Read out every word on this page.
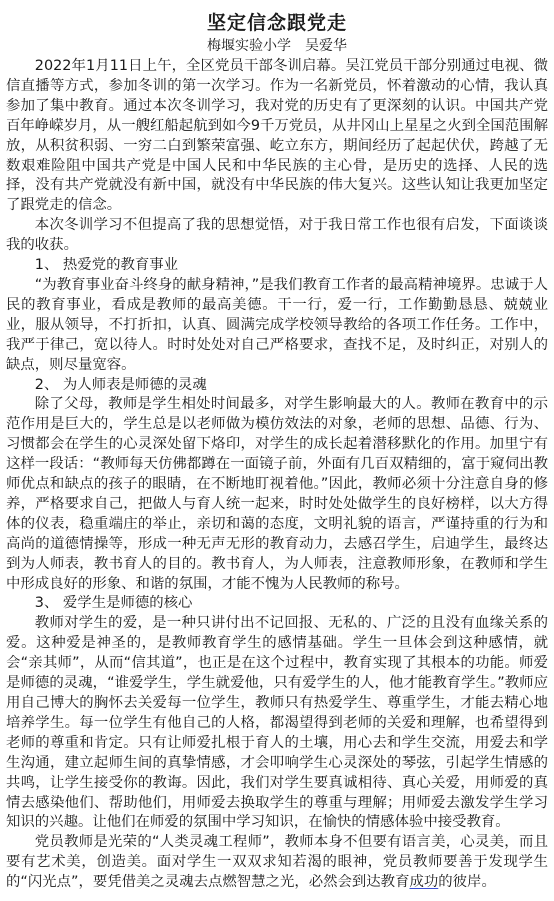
坚定信念跟党走
梅堰实验小学　吴爱华

2022年1月11日上午，全区党员干部冬训启幕。吴江党员干部分别通过电视、微信直播等方式，参加冬训的第一次学习。作为一名新党员，怀着激动的心情，我认真参加了集中教育。通过本次冬训学习，我对党的历史有了更深刻的认识。中国共产党百年峥嵘岁月，从一艘红船起航到如今9千万党员，从井冈山上星星之火到全国范围解放，从积贫积弱、一穷二白到繁荣富强、屹立东方，期间经历了起起伏伏，跨越了无数艰难险阻中国共产党是中国人民和中华民族的主心骨，是历史的选择、人民的选择，没有共产党就没有新中国，就没有中华民族的伟大复兴。这些认知让我更加坚定了跟党走的信念。

本次冬训学习不但提高了我的思想觉悟，对于我日常工作也很有启发，下面谈谈我的收获。

1、 热爱党的教育事业

“为教育事业奋斗终身的献身精神，”是我们教育工作者的最高精神境界。忠诚于人民的教育事业，看成是教师的最高美德。干一行，爱一行，工作勤勤恳恳、兢兢业业，服从领导，不打折扣，认真、圆满完成学校领导教给的各项工作任务。工作中，我严于律己，宽以待人。时时处处对自己严格要求，查找不足，及时纠正，对别人的缺点，则尽量宽容。

2、 为人师表是师德的灵魂

除了父母，教师是学生相处时间最多，对学生影响最大的人。教师在教育中的示范作用是巨大的，学生总是以老师做为模仿效法的对象，老师的思想、品德、行为、习惯都会在学生的心灵深处留下烙印，对学生的成长起着潜移默化的作用。加里宁有这样一段话：“教师每天仿佛都蹲在一面镜子前，外面有几百双精细的，富于窥伺出教师优点和缺点的孩子的眼睛，在不断地盯视着他。”因此，教师必须十分注意自身的修养，严格要求自己，把做人与育人统一起来，时时处处做学生的良好榜样，以大方得体的仪表，稳重端庄的举止，亲切和蔼的态度，文明礼貌的语言，严谨持重的行为和高尚的道德情操等，形成一种无声无形的教育动力，去感召学生，启迪学生，最终达到为人师表，教书育人的目的。教书育人，为人师表，注意教师形象，在教师和学生中形成良好的形象、和谐的氛围，才能不愧为人民教师的称号。

3、 爱学生是师德的核心

教师对学生的爱，是一种只讲付出不记回报、无私的、广泛的且没有血缘关系的爱。这种爱是神圣的，是教师教育学生的感情基础。学生一旦体会到这种感情，就会“亲其师”，从而“信其道”，也正是在这个过程中，教育实现了其根本的功能。师爱是师德的灵魂，“谁爱学生，学生就爱他，只有爱学生的人，他才能教育学生。”教师应用自己博大的胸怀去关爱每一位学生，教师只有热爱学生、尊重学生，才能去精心地培养学生。每一位学生有他自己的人格，都渴望得到老师的关爱和理解，也希望得到老师的尊重和肯定。只有让师爱扎根于育人的土壤，用心去和学生交流，用爱去和学生沟通，建立起师生间的真挚情感，才会叩响学生心灵深处的琴弦，引起学生情感的共鸣，让学生接受你的教诲。因此，我们对学生要真诚相待、真心关爱，用师爱的真情去感染他们、帮助他们，用师爱去换取学生的尊重与理解；用师爱去激发学生学习知识的兴趣。让他们在师爱的氛围中学习知识，在愉快的情感体验中接受教育。

党员教师是光荣的“人类灵魂工程师”，教师本身不但要有语言美，心灵美，而且要有艺术美，创造美。面对学生一双双求知若渴的眼神，党员教师要善于发现学生的“闪光点”，要凭借美之灵魂去点燃智慧之光，必然会到达教育成功的彼岸。
